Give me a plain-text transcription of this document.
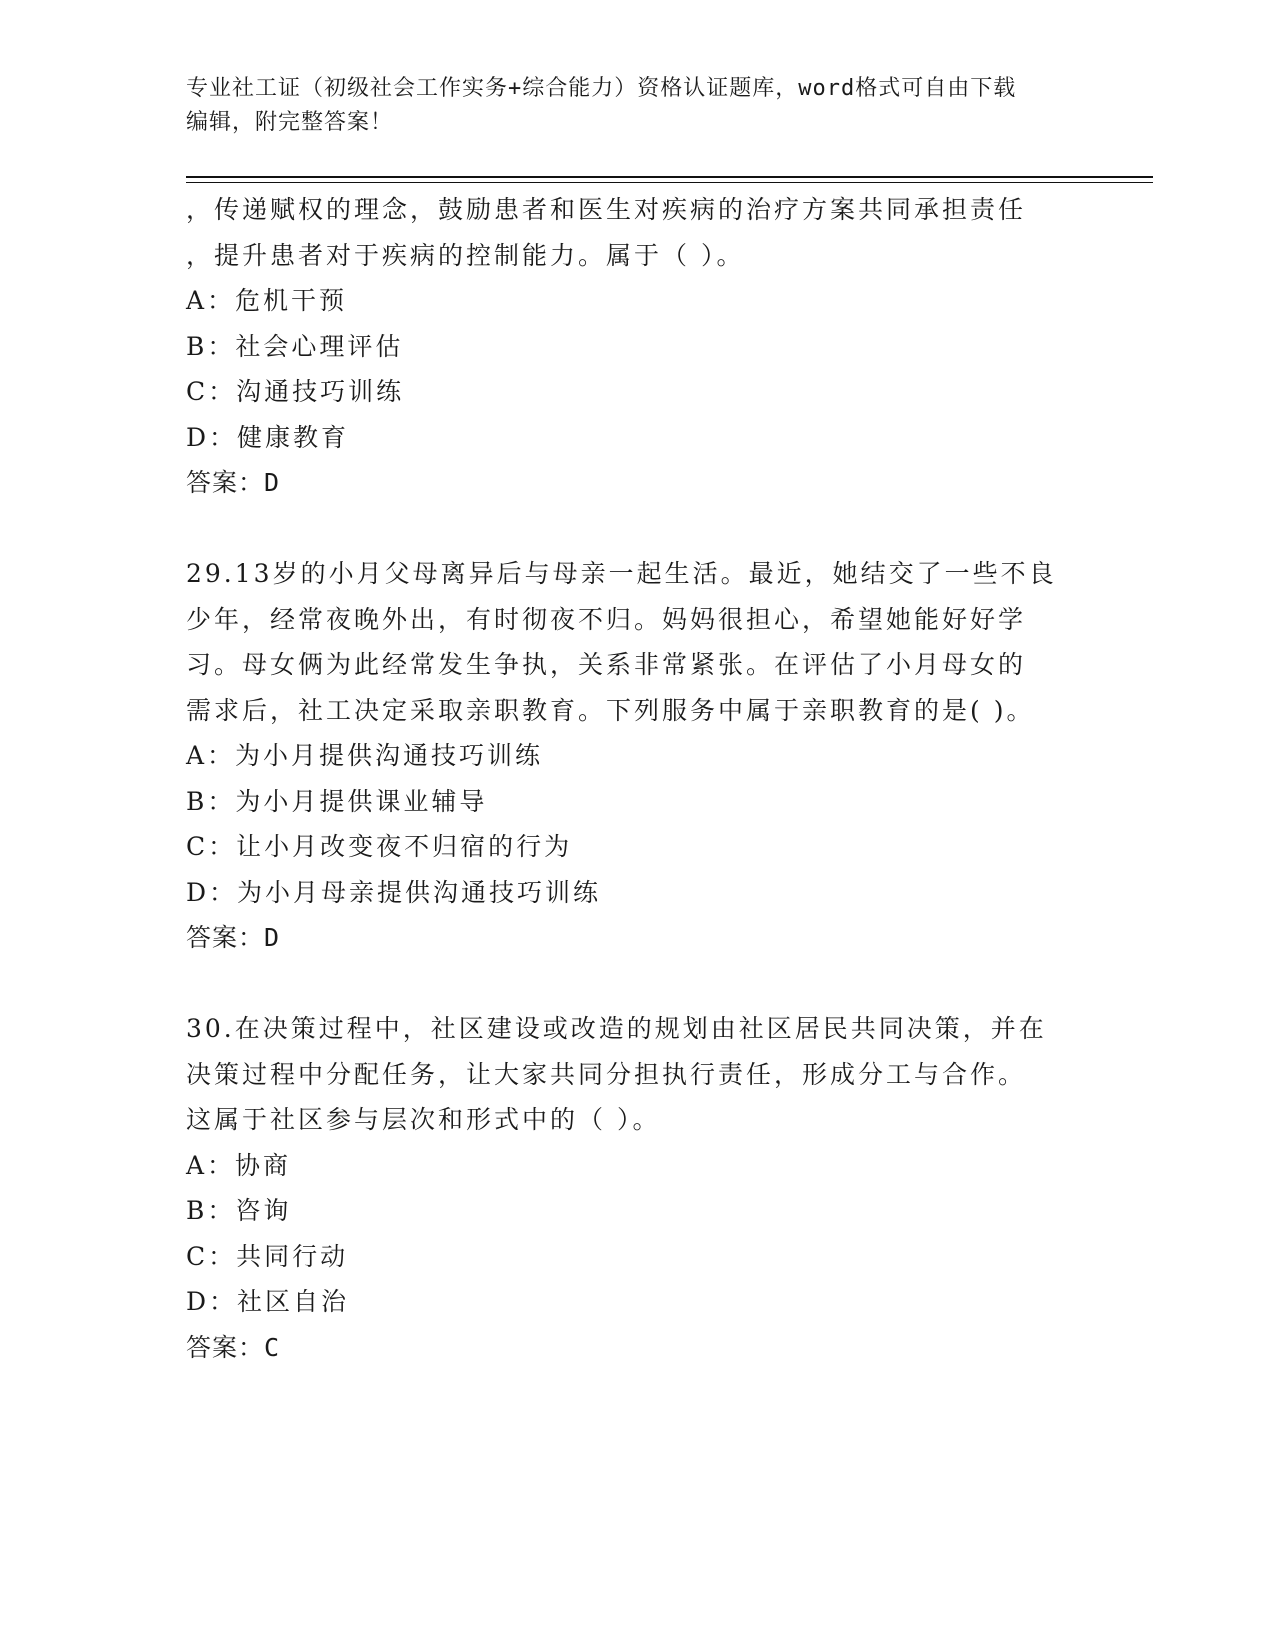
专业社工证（初级社会工作实务+综合能力）资格认证题库，word格式可自由下载
编辑，附完整答案！
，传递赋权的理念，鼓励患者和医生对疾病的治疗方案共同承担责任
，提升患者对于疾病的控制能力。属于（ ）。
A：危机干预
B：社会心理评估
C：沟通技巧训练
D：健康教育
答案：D
29.13岁的小月父母离异后与母亲一起生活。最近，她结交了一些不良
少年，经常夜晚外出，有时彻夜不归。妈妈很担心，希望她能好好学
习。母女俩为此经常发生争执，关系非常紧张。在评估了小月母女的
需求后，社工决定采取亲职教育。下列服务中属于亲职教育的是( )。
A：为小月提供沟通技巧训练
B：为小月提供课业辅导
C：让小月改变夜不归宿的行为
D：为小月母亲提供沟通技巧训练
答案：D
30.在决策过程中，社区建设或改造的规划由社区居民共同决策，并在
决策过程中分配任务，让大家共同分担执行责任，形成分工与合作。
这属于社区参与层次和形式中的（ ）。
A：协商
B：咨询
C：共同行动
D：社区自治
答案：C
